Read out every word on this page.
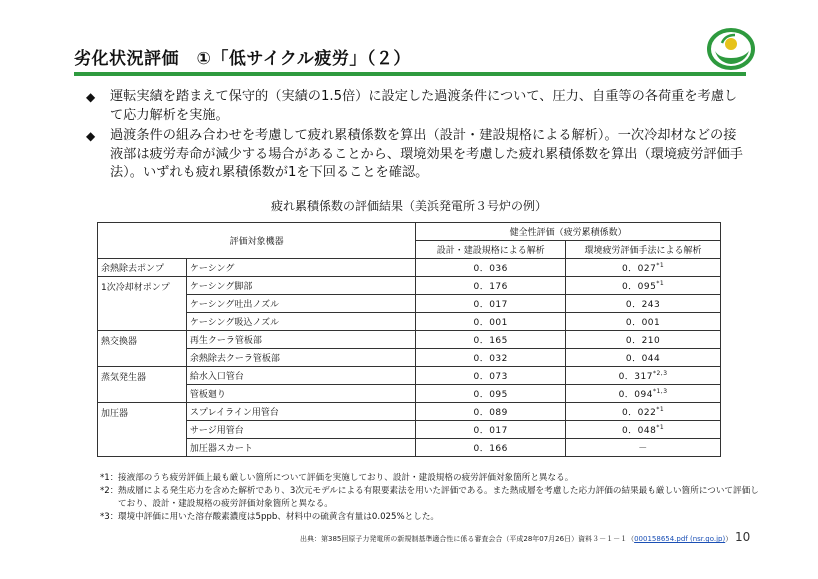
劣化状況評価　①「低サイクル疲労」（２）
◆	運転実績を踏まえて保守的（実績の1.5倍）に設定した過渡条件について、圧力、自重等の各荷重を考慮して応力解析を実施。
◆	過渡条件の組み合わせを考慮して疲れ累積係数を算出（設計・建設規格による解析）。一次冷却材などの接液部は疲労寿命が減少する場合があることから、環境効果を考慮した疲れ累積係数を算出（環境疲労評価手法）。いずれも疲れ累積係数が1を下回ることを確認。
疲れ累積係数の評価結果（美浜発電所３号炉の例）
評価対象機器		健全性評価（疲労累積係数）	
		設計・建設規格による解析	環境疲労評価手法による解析
余熱除去ポンプ	ケーシング	0．036	0．027$^{*1}$
1次冷却材ポンプ	ケーシング脚部	0．176	0．095$^{*1}$
	ケーシング吐出ノズル	0．017	0．243
	ケーシング吸込ノズル	0．001	0．001
熱交換器	再生クーラ管板部	0．165	0．210
	余熱除去クーラ管板部	0．032	0．044
蒸気発生器	給水入口管台	0．073	0．317$^{*2,3}$
	管板廻り	0．095	0．094$^{*1,3}$
加圧器	スプレイライン用管台	0．089	0．022$^{*1}$
	サージ用管台	0．017	0．048$^{*1}$
	加圧器スカート	0．166	－
*1： 接液部のうち疲労評価上最も厳しい箇所について評価を実施しており、設計・建設規格の疲労評価対象箇所と異なる。
*2： 熱成層による発生応力を含めた解析であり、3次元モデルによる有限要素法を用いた評価である。また熱成層を考慮した応力評価の結果最も厳しい箇所について評価しており、設計・建設規格の疲労評価対象箇所と異なる。
*3： 環境中評価に用いた溶存酸素濃度は5ppb、材料中の硫黄含有量は0.025%とした。
出典：第385回原子力発電所の新規制基準適合性に係る審査会合（平成28年07月26日）資料３－１－１（000158654.pdf (nsr.go.jp)） 10
